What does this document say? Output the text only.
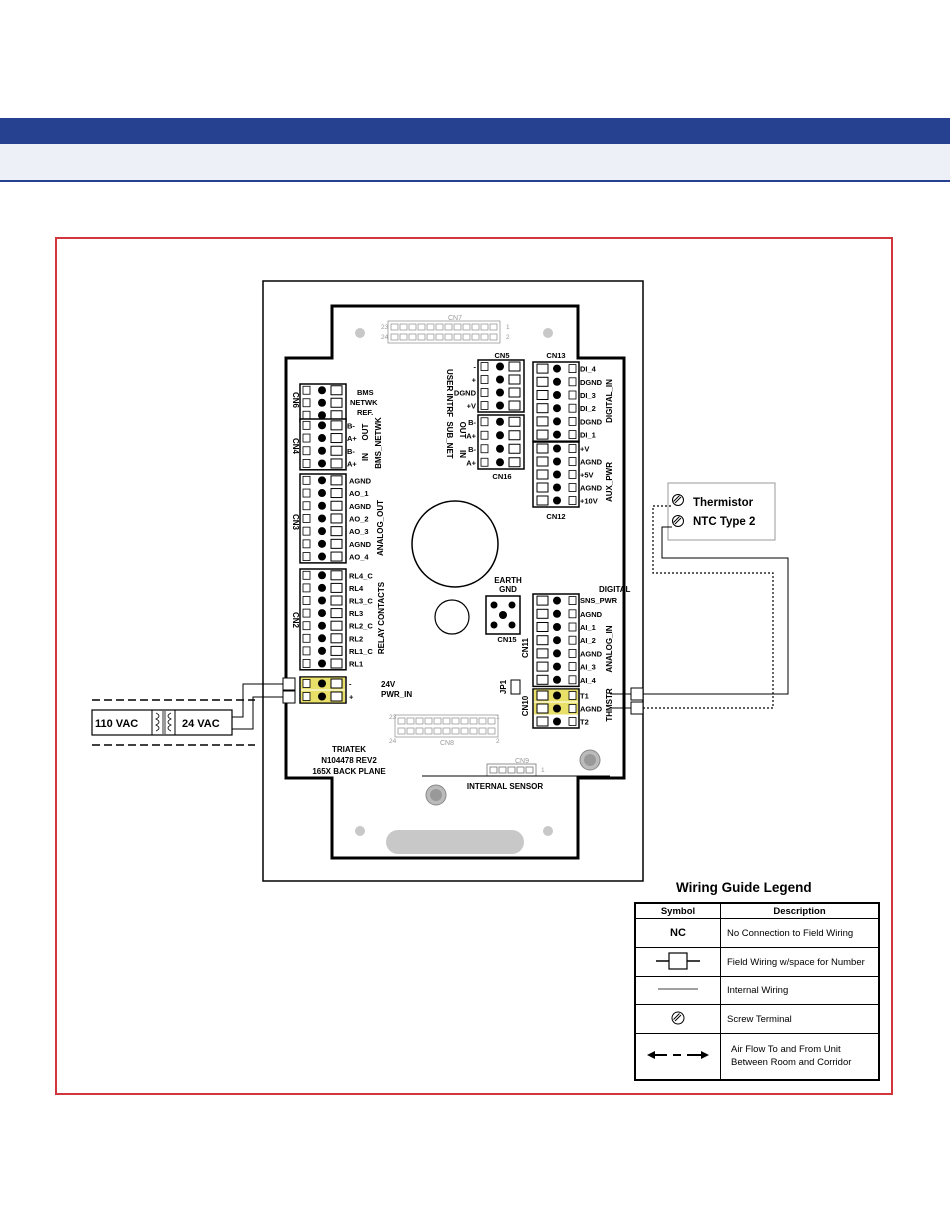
EARTH
GND
CN15
CN7
23
24
1
2
CN8
23
24
1
2
CN9
1
INTERNAL SENSOR
TRIATEK
N104478 REV2
165X BACK PLANE
B-
A+
B-
A+
AGND
AO_1
AGND
AO_2
AO_3
AGND
AO_4
RL4_C
RL4
RL3_C
RL3
RL2_C
RL2
RL1_C
RL1
-
+
BMS
NETWK
REF.
-
+
DGND
+V
B-
A+
B-
A+
DI_4
DGND
DI_3
DI_2
DGND
DI_1
+V
AGND
+5V
AGND
+10V
AGND
AI_1
AI_2
AGND
AI_3
AI_4
T1
AGND
T2
SNS_PWR
CN6
CN4
CN3
CN2
BMS_NETWK
OUT
IN
ANALOG_OUT
RELAY CONTACTS
USER INTRF
SUB_NET OUT
IN
DIGITAL_IN
AUX_PWR
ANALOG_IN
THMSTR
CN11
CN10
JP1
CN5
CN16
CN13
CN12
24V
PWR_IN
DIGITAL
Thermistor
NTC Type 2
110 VAC	24 VAC
Wiring Guide Legend
Symbol	Description
NC	No Connection to Field Wiring
	Field Wiring w/space for Number
	Internal Wiring
	Screw Terminal
	Air Flow To and From Unit Between Room and Corridor
